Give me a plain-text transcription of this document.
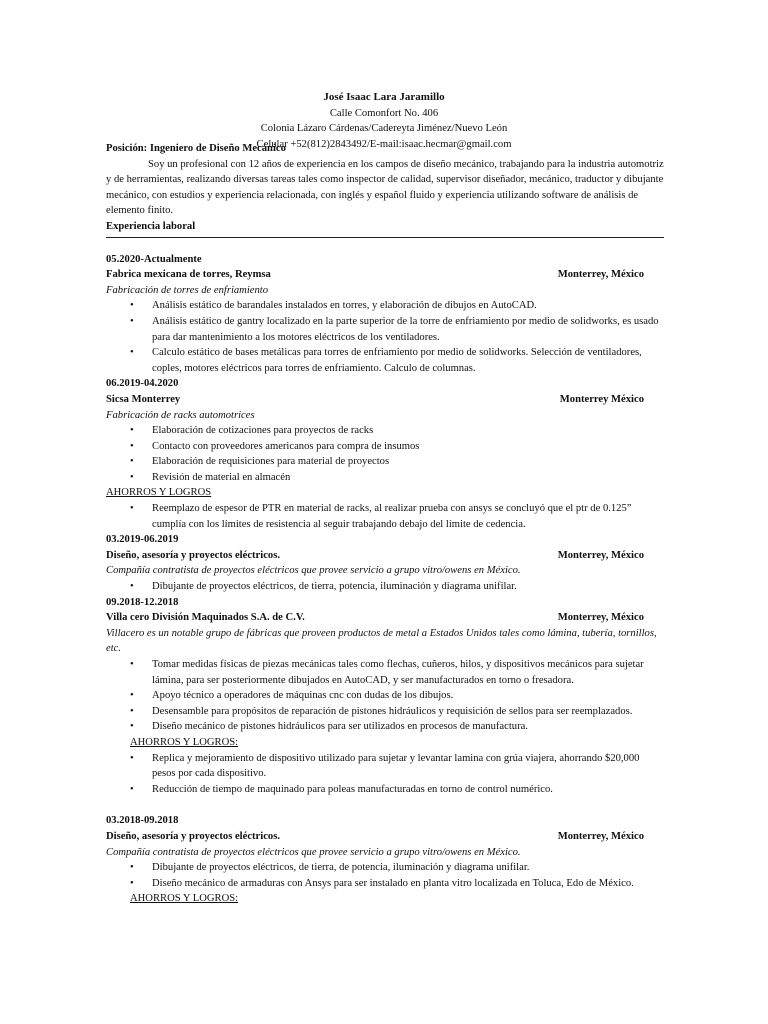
José Isaac Lara Jaramillo

Calle Comonfort No. 406

Colonia Lázaro Cárdenas/Cadereyta Jiménez/Nuevo León

Celular +52(812)2843492/E-mail:isaac.hecmar@gmail.com

Posición: Ingeniero de Diseño Mecánico

Soy un profesional con 12 años de experiencia en los campos de diseño mecánico, trabajando para la industria automotriz y de herramientas, realizando diversas tareas tales como inspector de calidad, supervisor diseñador, mecánico, traductor y dibujante mecánico, con estudios y experiencia relacionada, con inglés y español fluido y experiencia utilizando software de análisis de elemento finito.

Experiencia laboral

05.2020-Actualmente

Fabrica mexicana de torres, Reymsa	Monterrey, México

Fabricación de torres de enfriamiento

• Análisis estático de barandales instalados en torres, y elaboración de dibujos en AutoCAD.
• Análisis estático de gantry localizado en la parte superior de la torre de enfriamiento por medio de solidworks, es usado para dar mantenimiento a los motores eléctricos de los ventiladores.
• Calculo estático de bases metálicas para torres de enfriamiento por medio de solidworks. Selección de ventiladores, coples, motores eléctricos para torres de enfriamiento. Calculo de columnas.

06.2019-04.2020

Sicsa Monterrey	Monterrey México

Fabricación de racks automotrices

• Elaboración de cotizaciones para proyectos de racks
• Contacto con proveedores americanos para compra de insumos
• Elaboración de requisiciones para material de proyectos
• Revisión de material en almacén

AHORROS Y LOGROS

• Reemplazo de espesor de PTR en material de racks, al realizar prueba con ansys se concluyó que el ptr de 0.125” cumplía con los límites de resistencia al seguir trabajando debajo del límite de cedencia.

03.2019-06.2019

Diseño, asesoría y proyectos eléctricos.	Monterrey, México

Compañía contratista de proyectos eléctricos que provee servicio a grupo vitro/owens en México.

• Dibujante de proyectos eléctricos, de tierra, potencia, iluminación y diagrama unifilar.

09.2018-12.2018

Villa cero División Maquinados S.A. de C.V.	Monterrey, México

Villacero es un notable grupo de fábricas que proveen productos de metal a Estados Unidos tales como lámina, tubería, tornillos, etc.

• Tomar medidas físicas de piezas mecánicas tales como flechas, cuñeros, hilos, y dispositivos mecánicos para sujetar lámina, para ser posteriormente dibujados en AutoCAD, y ser manufacturados en torno o fresadora.
• Apoyo técnico a operadores de máquinas cnc con dudas de los dibujos.
• Desensamble para propósitos de reparación de pistones hidráulicos y requisición de sellos para ser reemplazados.
• Diseño mecánico de pistones hidráulicos para ser utilizados en procesos de manufactura.

AHORROS Y LOGROS:

• Replica y mejoramiento de dispositivo utilizado para sujetar y levantar lamina con grúa viajera, ahorrando $20,000 pesos por cada dispositivo.
• Reducción de tiempo de maquinado para poleas manufacturadas en torno de control numérico.

03.2018-09.2018

Diseño, asesoría y proyectos eléctricos.	Monterrey, México

Compañía contratista de proyectos eléctricos que provee servicio a grupo vitro/owens en México.

• Dibujante de proyectos eléctricos, de tierra, de potencia, iluminación y diagrama unifilar.
• Diseño mecánico de armaduras con Ansys para ser instalado en planta vitro localizada en Toluca, Edo de México.

AHORROS Y LOGROS:
